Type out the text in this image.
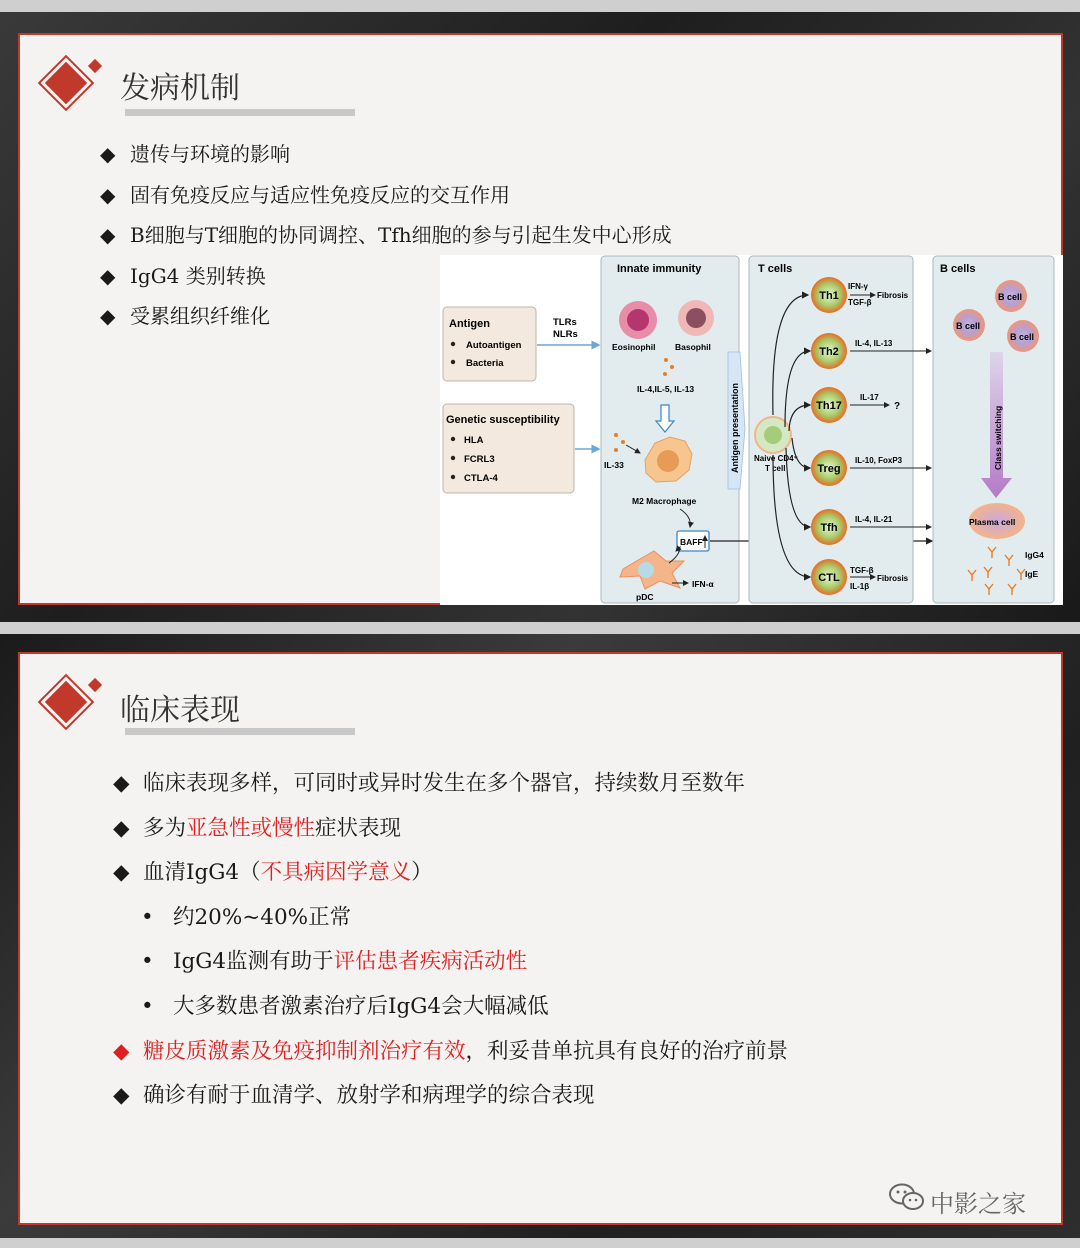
发病机制
◆ 遗传与环境的影响
◆ 固有免疫反应与适应性免疫反应的交互作用
◆ B细胞与T细胞的协同调控、Tfh细胞的参与引起生发中心形成
◆ IgG4 类别转换
◆ 受累组织纤维化	Antigen
Autoantigen
Bacteria
TLRs
NLRs
Genetic susceptibility
HLA
FCRL3
CTLA-4
Innate immunity
Eosinophil Basophil
IL-4,IL-5, IL-13
IL-33
M2 Macrophage
BAFF
pDC
IFN-α
Antigen presentation
T cells
Naive CD4⁺
T cell
Th1
IFN-γ
TGF-β
Fibrosis
Th2
IL-4, IL-13
Th17
IL-17
?
Treg
IL-10, FoxP3
Tfh
IL-4, IL-21
CTL
TGF-β
IL-1β
Fibrosis
B cells
B cell
B cell
B cell
Class switching
Plasma cell
IgG4
IgE
临床表现
◆ 临床表现多样，可同时或异时发生在多个器官，持续数月至数年
◆ 多为亚急性或慢性症状表现
◆ 血清IgG4（不具病因学意义）
• 约20%~40%正常
• IgG4监测有助于评估患者疾病活动性
• 大多数患者激素治疗后IgG4会大幅减低
◆ 糖皮质激素及免疫抑制剂治疗有效，利妥昔单抗具有良好的治疗前景
◆ 确诊有耐于血清学、放射学和病理学的综合表现
中影之家
